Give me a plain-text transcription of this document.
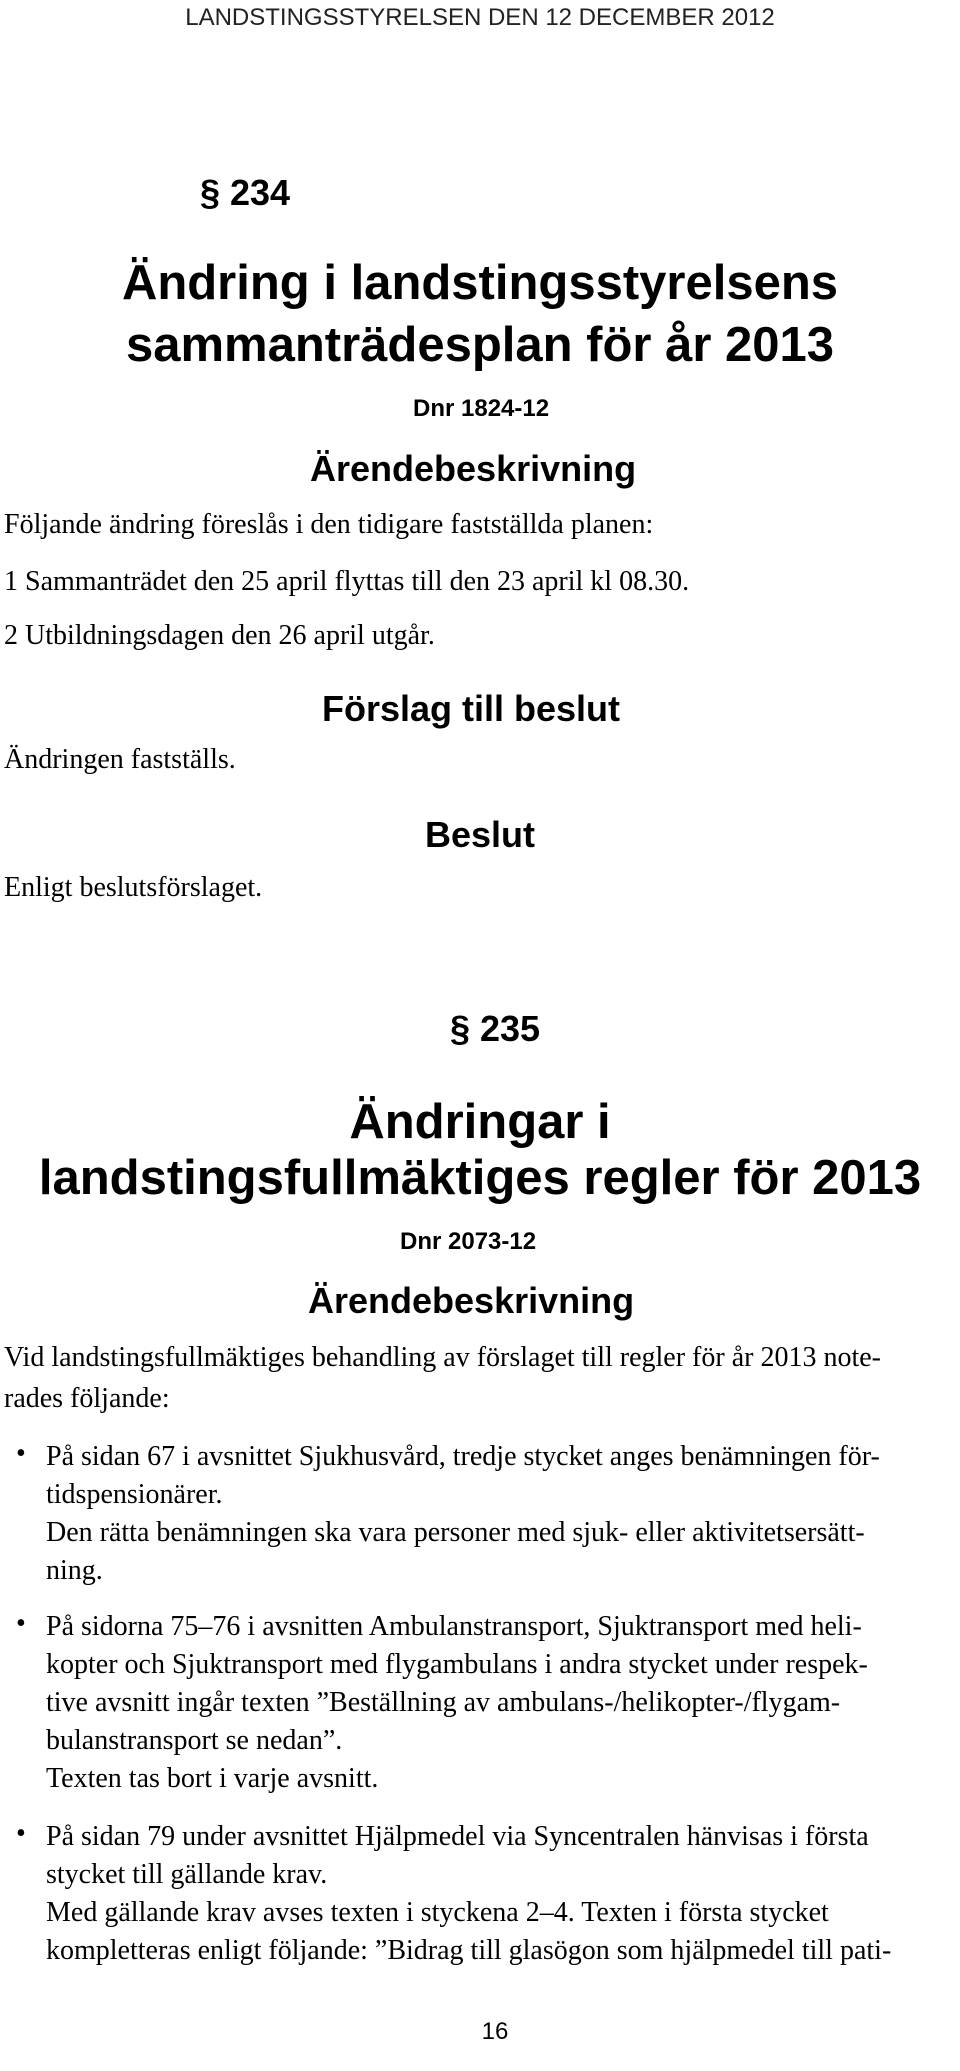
LANDSTINGSSTYRELSEN DEN 12 DECEMBER 2012
§ 234
Ändring i landstingsstyrelsens
sammanträdesplan för år 2013
Dnr 1824-12
Ärendebeskrivning
Följande ändring föreslås i den tidigare fastställda planen:
1 Sammanträdet den 25 april flyttas till den 23 april kl 08.30.
2 Utbildningsdagen den 26 april utgår.
Förslag till beslut
Ändringen fastställs.
Beslut
Enligt beslutsförslaget.
§ 235
Ändringar i
landstingsfullmäktiges regler för 2013
Dnr 2073-12
Ärendebeskrivning
Vid landstingsfullmäktiges behandling av förslaget till regler för år 2013 note-
rades följande:
• På sidan 67 i avsnittet Sjukhusvård, tredje stycket anges benämningen för-
tidspensionärer.
Den rätta benämningen ska vara personer med sjuk- eller aktivitetsersätt-
ning.
• På sidorna 75–76 i avsnitten Ambulanstransport, Sjuktransport med heli-
kopter och Sjuktransport med flygambulans i andra stycket under respek-
tive avsnitt ingår texten ”Beställning av ambulans-/helikopter-/flygam-
bulanstransport se nedan”.
Texten tas bort i varje avsnitt.
• På sidan 79 under avsnittet Hjälpmedel via Syncentralen hänvisas i första
stycket till gällande krav.
Med gällande krav avses texten i styckena 2–4. Texten i första stycket
kompletteras enligt följande: ”Bidrag till glasögon som hjälpmedel till pati-
16
